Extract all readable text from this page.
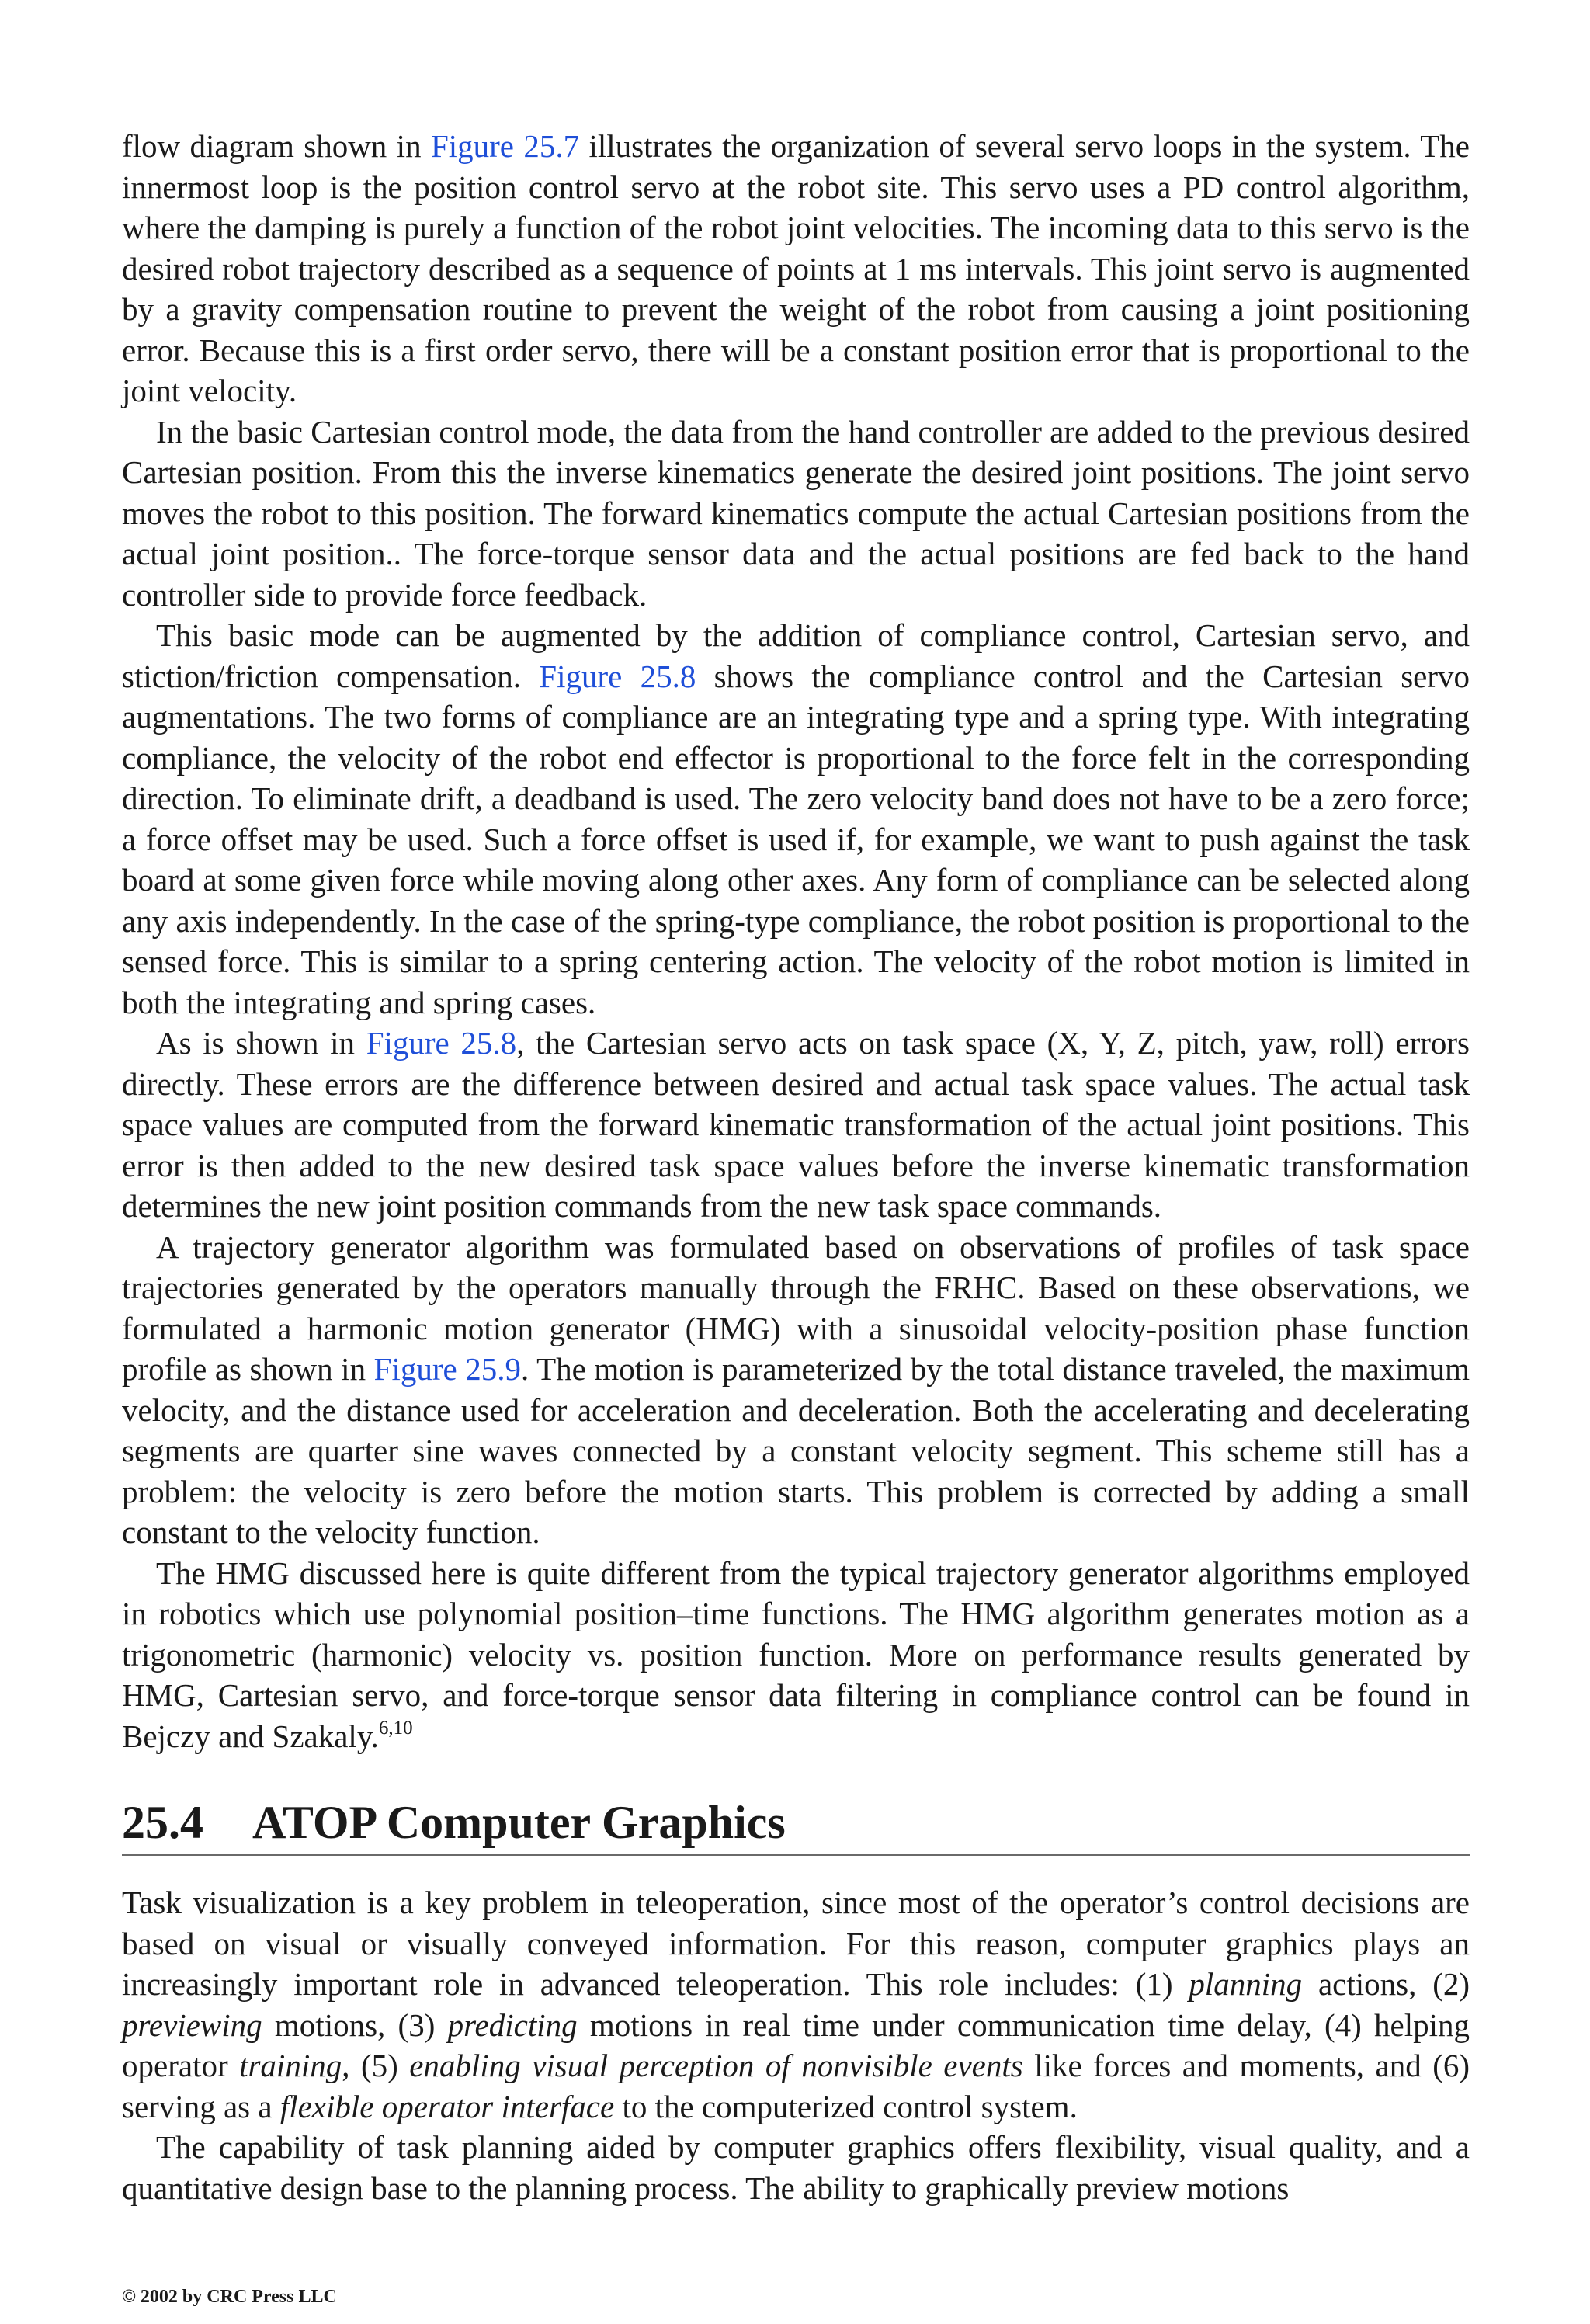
flow diagram shown in Figure 25.7 illustrates the organization of several servo loops in the system. The innermost loop is the position control servo at the robot site. This servo uses a PD control algorithm, where the damping is purely a function of the robot joint velocities. The incoming data to this servo is the desired robot trajectory described as a sequence of points at 1 ms intervals. This joint servo is augmented by a gravity compensation routine to prevent the weight of the robot from causing a joint positioning error. Because this is a first order servo, there will be a constant position error that is proportional to the joint velocity.

In the basic Cartesian control mode, the data from the hand controller are added to the previous desired Cartesian position. From this the inverse kinematics generate the desired joint positions. The joint servo moves the robot to this position. The forward kinematics compute the actual Cartesian positions from the actual joint position.. The force-torque sensor data and the actual positions are fed back to the hand controller side to provide force feedback.

This basic mode can be augmented by the addition of compliance control, Cartesian servo, and stiction/friction compensation. Figure 25.8 shows the compliance control and the Cartesian servo augmentations. The two forms of compliance are an integrating type and a spring type. With integrating compliance, the velocity of the robot end effector is proportional to the force felt in the corresponding direction. To eliminate drift, a deadband is used. The zero velocity band does not have to be a zero force; a force offset may be used. Such a force offset is used if, for example, we want to push against the task board at some given force while moving along other axes. Any form of compliance can be selected along any axis independently. In the case of the spring-type compliance, the robot position is proportional to the sensed force. This is similar to a spring centering action. The velocity of the robot motion is limited in both the integrating and spring cases.

As is shown in Figure 25.8, the Cartesian servo acts on task space (X, Y, Z, pitch, yaw, roll) errors directly. These errors are the difference between desired and actual task space values. The actual task space values are computed from the forward kinematic transformation of the actual joint positions. This error is then added to the new desired task space values before the inverse kinematic transformation determines the new joint position commands from the new task space commands.

A trajectory generator algorithm was formulated based on observations of profiles of task space trajectories generated by the operators manually through the FRHC. Based on these observations, we formulated a harmonic motion generator (HMG) with a sinusoidal velocity-position phase function profile as shown in Figure 25.9. The motion is parameterized by the total distance traveled, the maximum velocity, and the distance used for acceleration and deceleration. Both the accelerating and decelerating segments are quarter sine waves connected by a constant velocity segment. This scheme still has a problem: the velocity is zero before the motion starts. This problem is corrected by adding a small constant to the velocity function.

The HMG discussed here is quite different from the typical trajectory generator algorithms employed in robotics which use polynomial position–time functions. The HMG algorithm generates motion as a trigonometric (harmonic) velocity vs. position function. More on performance results generated by HMG, Cartesian servo, and force-torque sensor data filtering in compliance control can be found in Bejczy and Szakaly.$^{6,10}$

25.4 ATOP Computer Graphics

Task visualization is a key problem in teleoperation, since most of the operator’s control decisions are based on visual or visually conveyed information. For this reason, computer graphics plays an increasingly important role in advanced teleoperation. This role includes: (1) planning actions, (2) previewing motions, (3) predicting motions in real time under communication time delay, (4) helping operator training, (5) enabling visual perception of nonvisible events like forces and moments, and (6) serving as a flexible operator interface to the computerized control system.

The capability of task planning aided by computer graphics offers flexibility, visual quality, and a quantitative design base to the planning process. The ability to graphically preview motions

© 2002 by CRC Press LLC
